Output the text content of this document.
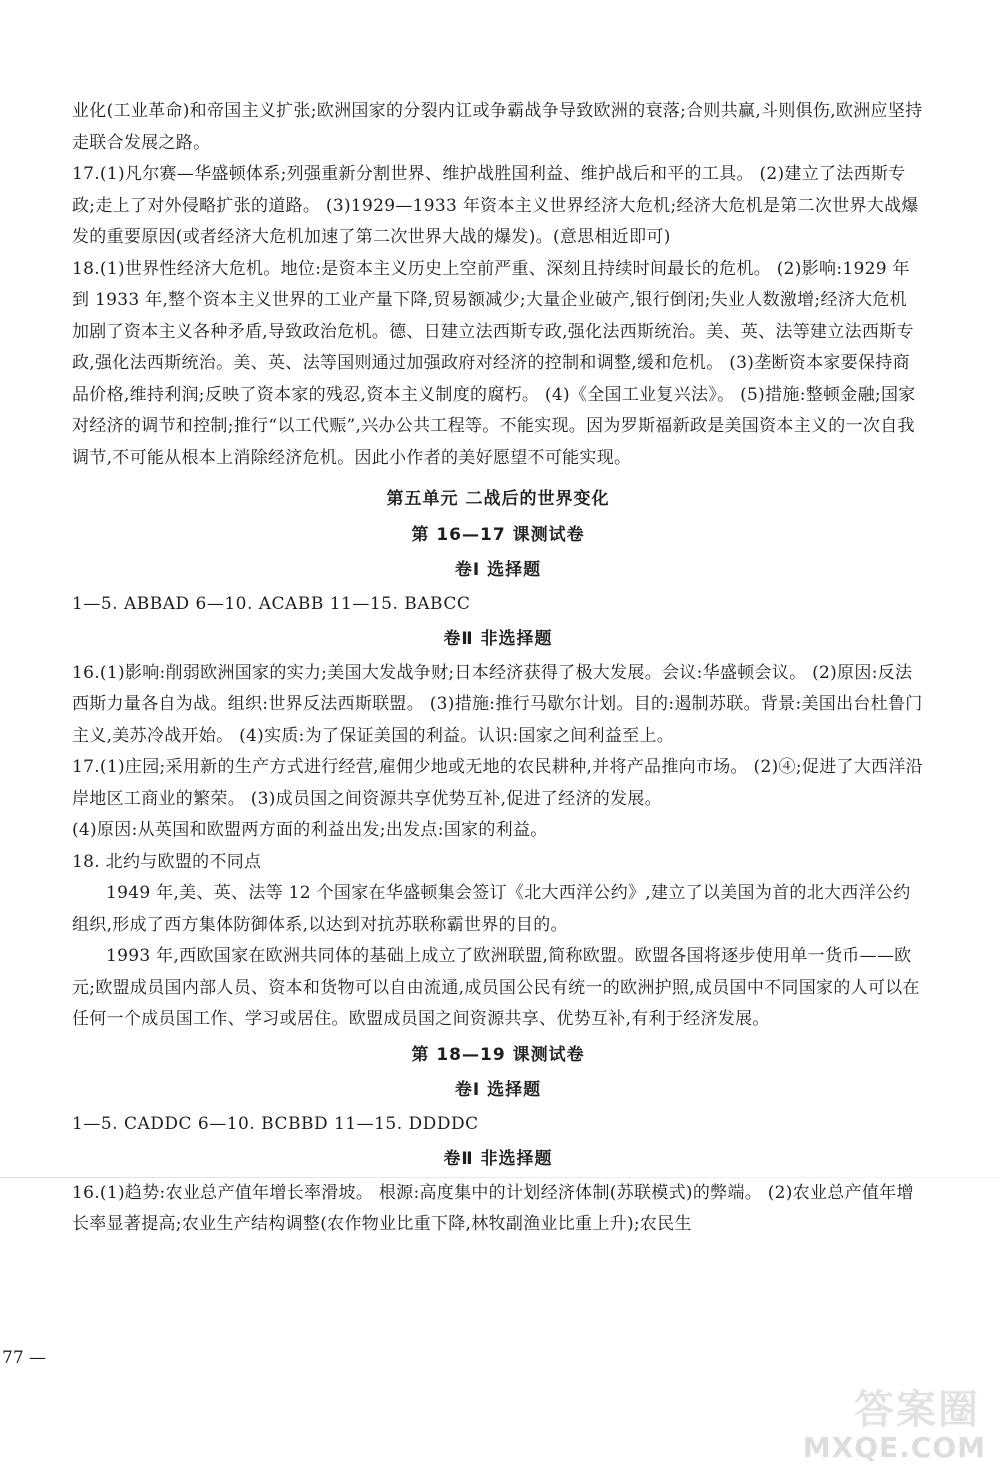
业化(工业革命)和帝国主义扩张;欧洲国家的分裂内讧或争霸战争导致欧洲的衰落;合则共赢,斗则俱伤,欧洲应坚持走联合发展之路。

17.(1)凡尔赛—华盛顿体系;列强重新分割世界、维护战胜国利益、维护战后和平的工具。 (2)建立了法西斯专政;走上了对外侵略扩张的道路。 (3)1929—1933 年资本主义世界经济大危机;经济大危机是第二次世界大战爆发的重要原因(或者经济大危机加速了第二次世界大战的爆发)。(意思相近即可)

18.(1)世界性经济大危机。地位:是资本主义历史上空前严重、深刻且持续时间最长的危机。 (2)影响:1929 年到 1933 年,整个资本主义世界的工业产量下降,贸易额减少;大量企业破产,银行倒闭;失业人数激增;经济大危机加剧了资本主义各种矛盾,导致政治危机。德、日建立法西斯专政,强化法西斯统治。美、英、法等建立法西斯专政,强化法西斯统治。美、英、法等国则通过加强政府对经济的控制和调整,缓和危机。 (3)垄断资本家要保持商品价格,维持利润;反映了资本家的残忍,资本主义制度的腐朽。 (4)《全国工业复兴法》。 (5)措施:整顿金融;国家对经济的调节和控制;推行“以工代赈”,兴办公共工程等。不能实现。因为罗斯福新政是美国资本主义的一次自我调节,不可能从根本上消除经济危机。因此小作者的美好愿望不可能实现。

第五单元 二战后的世界变化
第 16—17 课测试卷
卷Ⅰ 选择题

1—5. ABBAD 6—10. ACABB 11—15. BABCC

卷Ⅱ 非选择题

16.(1)影响:削弱欧洲国家的实力;美国大发战争财;日本经济获得了极大发展。会议:华盛顿会议。 (2)原因:反法西斯力量各自为战。组织:世界反法西斯联盟。 (3)措施:推行马歇尔计划。目的:遏制苏联。背景:美国出台杜鲁门主义,美苏冷战开始。 (4)实质:为了保证美国的利益。认识:国家之间利益至上。

17.(1)庄园;采用新的生产方式进行经营,雇佣少地或无地的农民耕种,并将产品推向市场。 (2)④;促进了大西洋沿岸地区工商业的繁荣。 (3)成员国之间资源共享优势互补,促进了经济的发展。

(4)原因:从英国和欧盟两方面的利益出发;出发点:国家的利益。

18. 北约与欧盟的不同点

1949 年,美、英、法等 12 个国家在华盛顿集会签订《北大西洋公约》,建立了以美国为首的北大西洋公约组织,形成了西方集体防御体系,以达到对抗苏联称霸世界的目的。

1993 年,西欧国家在欧洲共同体的基础上成立了欧洲联盟,简称欧盟。欧盟各国将逐步使用单一货币——欧元;欧盟成员国内部人员、资本和货物可以自由流通,成员国公民有统一的欧洲护照,成员国中不同国家的人可以在任何一个成员国工作、学习或居住。欧盟成员国之间资源共享、优势互补,有利于经济发展。

第 18—19 课测试卷
卷Ⅰ 选择题

1—5. CADDC 6—10. BCBBD 11—15. DDDDC

卷Ⅱ 非选择题

16.(1)趋势:农业总产值年增长率滑坡。 根源:高度集中的计划经济体制(苏联模式)的弊端。 (2)农业总产值年增长率显著提高;农业生产结构调整(农作物业比重下降,林牧副渔业比重上升);农民生

77 —
答案圈
MXQE.COM
